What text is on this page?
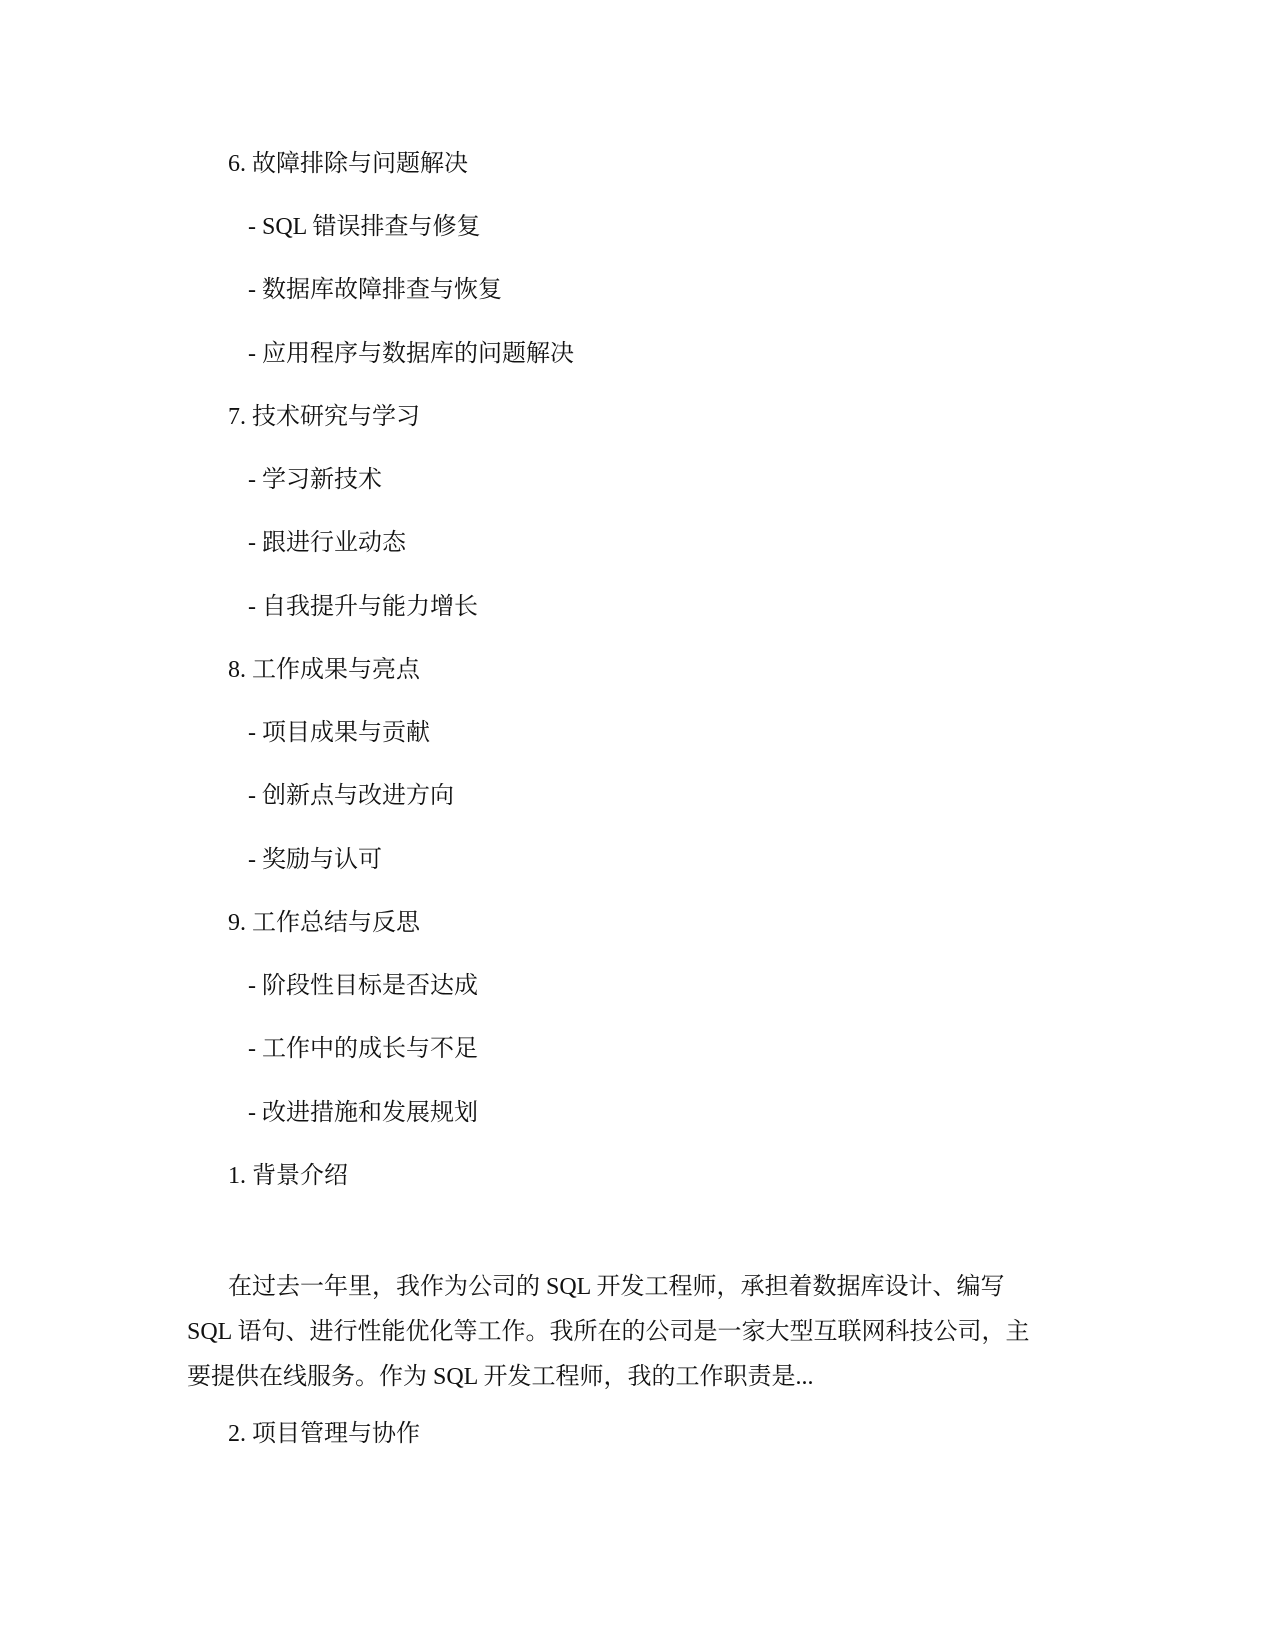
6. 故障排除与问题解决
- SQL 错误排查与修复
- 数据库故障排查与恢复
- 应用程序与数据库的问题解决
7. 技术研究与学习
- 学习新技术
- 跟进行业动态
- 自我提升与能力增长
8. 工作成果与亮点
- 项目成果与贡献
- 创新点与改进方向
- 奖励与认可
9. 工作总结与反思
- 阶段性目标是否达成
- 工作中的成长与不足
- 改进措施和发展规划
1. 背景介绍
在过去一年里，我作为公司的 SQL 开发工程师，承担着数据库设计、编写
SQL 语句、进行性能优化等工作。我所在的公司是一家大型互联网科技公司，主
要提供在线服务。作为 SQL 开发工程师，我的工作职责是...
2. 项目管理与协作
